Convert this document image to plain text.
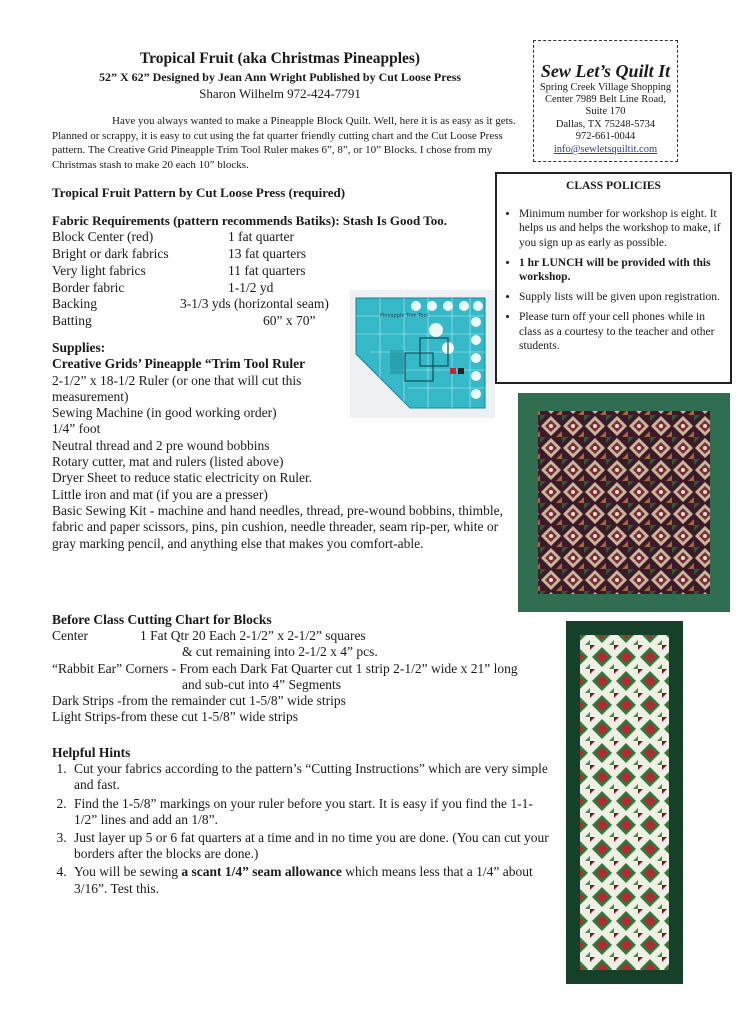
Tropical Fruit (aka Christmas Pineapples)
52” X 62” Designed by Jean Ann Wright Published by Cut Loose Press
Sharon Wilhelm 972-424-7791
Have you always wanted to make a Pineapple Block Quilt. Well, here it is as easy as it gets. Planned or scrappy, it is easy to cut using the fat quarter friendly cutting chart and the Cut Loose Press pattern. The Creative Grid Pineapple Trim Tool Ruler makes 6”, 8”, or 10” Blocks. I chose from my Christmas stash to make 20 each 10” blocks.
Sew Let’s Quilt It
Spring Creek Village Shopping
Center 7989 Belt Line Road,
Suite 170
Dallas, TX 75248-5734
972-661-0044
info@sewletsquiltit.com
CLASS POLICIES
• Minimum number for workshop is eight. It helps us and helps the workshop to make, if you sign up as early as possible.
• 1 hr LUNCH will be provided with this workshop.
• Supply lists will be given upon registration.
• Please turn off your cell phones while in class as a courtesy to the teacher and other students.
Tropical Fruit Pattern by Cut Loose Press (required)
Fabric Requirements (pattern recommends Batiks): Stash Is Good Too.
Block Center (red)	1 fat quarter
Bright or dark fabrics	13 fat quarters
Very light fabrics	11 fat quarters
Border fabric	1-1/2 yd
Backing	3-1/3 yds (horizontal seam)
Batting	60” x 70”	Pineapple Trim Tool
Supplies:
Creative Grids’ Pineapple “Trim Tool Ruler
2-1/2” x 18-1/2 Ruler (or one that will cut this measurement)
Sewing Machine (in good working order)
1/4” foot
Neutral thread and 2 pre wound bobbins
Rotary cutter, mat and rulers (listed above)
Dryer Sheet to reduce static electricity on Ruler.
Little iron and mat (if you are a presser)
Basic Sewing Kit - machine and hand needles, thread, pre-wound bobbins, thimble, fabric and paper scissors, pins, pin cushion, needle threader, seam rip-per, white or gray marking pencil, and anything else that makes you comfort-able.
Before Class Cutting Chart for Blocks
Center	1 Fat Qtr 20 Each 2-1/2” x 2-1/2” squares
& cut remaining into 2-1/2 x 4” pcs.
“Rabbit Ear” Corners - From each Dark Fat Quarter cut 1 strip 2-1/2” wide x 21” long
and sub-cut into 4” Segments
Dark Strips -from the remainder cut 1-5/8” wide strips
Light Strips-from these cut 1-5/8” wide strips
Helpful Hints
1. Cut your fabrics according to the pattern’s “Cutting Instructions” which are very simple and fast.
2. Find the 1-5/8” markings on your ruler before you start. It is easy if you find the 1-1-1/2” lines and add an 1/8”.
3. Just layer up 5 or 6 fat quarters at a time and in no time you are done. (You can cut your borders after the blocks are done.)
4. You will be sewing a scant 1/4” seam allowance which means less that a 1/4” about 3/16”. Test this.
